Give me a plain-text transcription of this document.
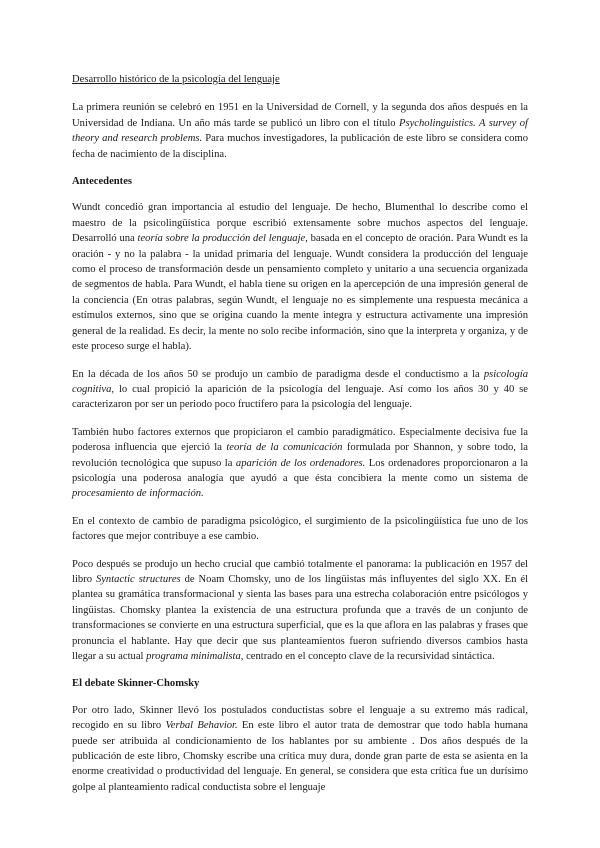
Desarrollo histórico de la psicología del lenguaje

La primera reunión se celebró en 1951 en la Universidad de Cornell, y la segunda dos años después en la Universidad de Indiana. Un año más tarde se publicó un libro con el título Psycholinguistics. A survey of theory and research problems. Para muchos investigadores, la publicación de este libro se considera como fecha de nacimiento de la disciplina.

Antecedentes

Wundt concedió gran importancia al estudio del lenguaje. De hecho, Blumenthal lo describe como el maestro de la psicolingüística porque escribió extensamente sobre muchos aspectos del lenguaje. Desarrolló una teoría sobre la producción del lenguaje, basada en el concepto de oración. Para Wundt es la oración - y no la palabra - la unidad primaria del lenguaje. Wundt considera la producción del lenguaje como el proceso de transformación desde un pensamiento completo y unitario a una secuencia organizada de segmentos de habla. Para Wundt, el habla tiene su origen en la apercepción de una impresión general de la conciencia (En otras palabras, según Wundt, el lenguaje no es simplemente una respuesta mecánica a estímulos externos, sino que se origina cuando la mente integra y estructura activamente una impresión general de la realidad. Es decir, la mente no solo recibe información, sino que la interpreta y organiza, y de este proceso surge el habla).

En la década de los años 50 se produjo un cambio de paradigma desde el conductismo a la psicología cognitiva, lo cual propició la aparición de la psicología del lenguaje. Así como los años 30 y 40 se caracterizaron por ser un periodo poco fructífero para la psicología del lenguaje.

También hubo factores externos que propiciaron el cambio paradigmático. Especialmente decisiva fue la poderosa influencia que ejerció la teoría de la comunicación formulada por Shannon, y sobre todo, la revolución tecnológica que supuso la aparición de los ordenadores. Los ordenadores proporcionaron a la psicología una poderosa analogía que ayudó a que ésta concibiera la mente como un sistema de procesamiento de información.

En el contexto de cambio de paradigma psicológico, el surgimiento de la psicolingüística fue uno de los factores que mejor contribuye a ese cambio.

Poco después se produjo un hecho crucial que cambió totalmente el panorama: la publicación en 1957 del libro Syntactic structures de Noam Chomsky, uno de los lingüistas más influyentes del siglo XX. En él plantea su gramática transformacional y sienta las bases para una estrecha colaboración entre psicólogos y lingüistas. Chomsky plantea la existencia de una estructura profunda que a través de un conjunto de transformaciones se convierte en una estructura superficial, que es la que aflora en las palabras y frases que pronuncia el hablante. Hay que decir que sus planteamientos fueron sufriendo diversos cambios hasta llegar a su actual programa minimalista, centrado en el concepto clave de la recursividad sintáctica.

El debate Skinner-Chomsky

Por otro lado, Skinner llevó los postulados conductistas sobre el lenguaje a su extremo más radical, recogido en su libro Verbal Behavior. En este libro el autor trata de demostrar que todo habla humana puede ser atribuida al condicionamiento de los hablantes por su ambiente . Dos años después de la publicación de este libro, Chomsky escribe una crítica muy dura, donde gran parte de esta se asienta en la enorme creatividad o productividad del lenguaje. En general, se considera que esta crítica fue un durísimo golpe al planteamiento radical conductista sobre el lenguaje
